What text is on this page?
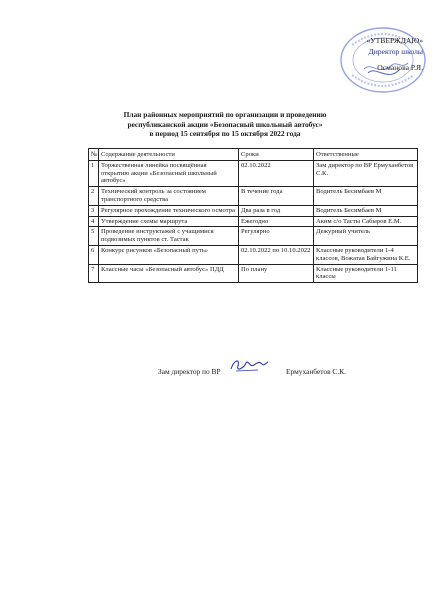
«УТВЕРЖДАЮ»
Директор школы
Османова Р.Я.
План районных мероприятий по организации и проведению
республиканской акции «Безопасный школьный автобус»
в период 15 сентября по 15 октября 2022 года
№	Содержание деятельности	Сроки	Ответственные
1	Торжественная линейка посвящённая открытию акции «Безопасный школьный автобус»	02.10.2022	Зам директор по ВР Ермуханбетов С.К.
2	Технический контроль за состоянием транспортного средства	В течение года	Водитель Бесимбаев М
3	Регулярное прохождение технического осмотра	Два раза в год	Водитель Бесимбаев М
4	Утверждение схемы маршрута	Ежегодно	Аким с/о Тасты Сабыров Е.М.
5	Проведение инструктажей с учащимися подвозимых пунктов ст. Тастак	Регулярно	Дежурный учитель
6	Конкурс рисунков «Безопасный путь»	02.10.2022 по 10.10.2022	Классные руководители 1-4 классов, Вожатая Байгужина К.Е.
7	Классные часы «Безопасный автобус» ПДД	По плану	Классные руководители 1-11 классы
Зам директор по ВР	Ермуханбетов С.К.
